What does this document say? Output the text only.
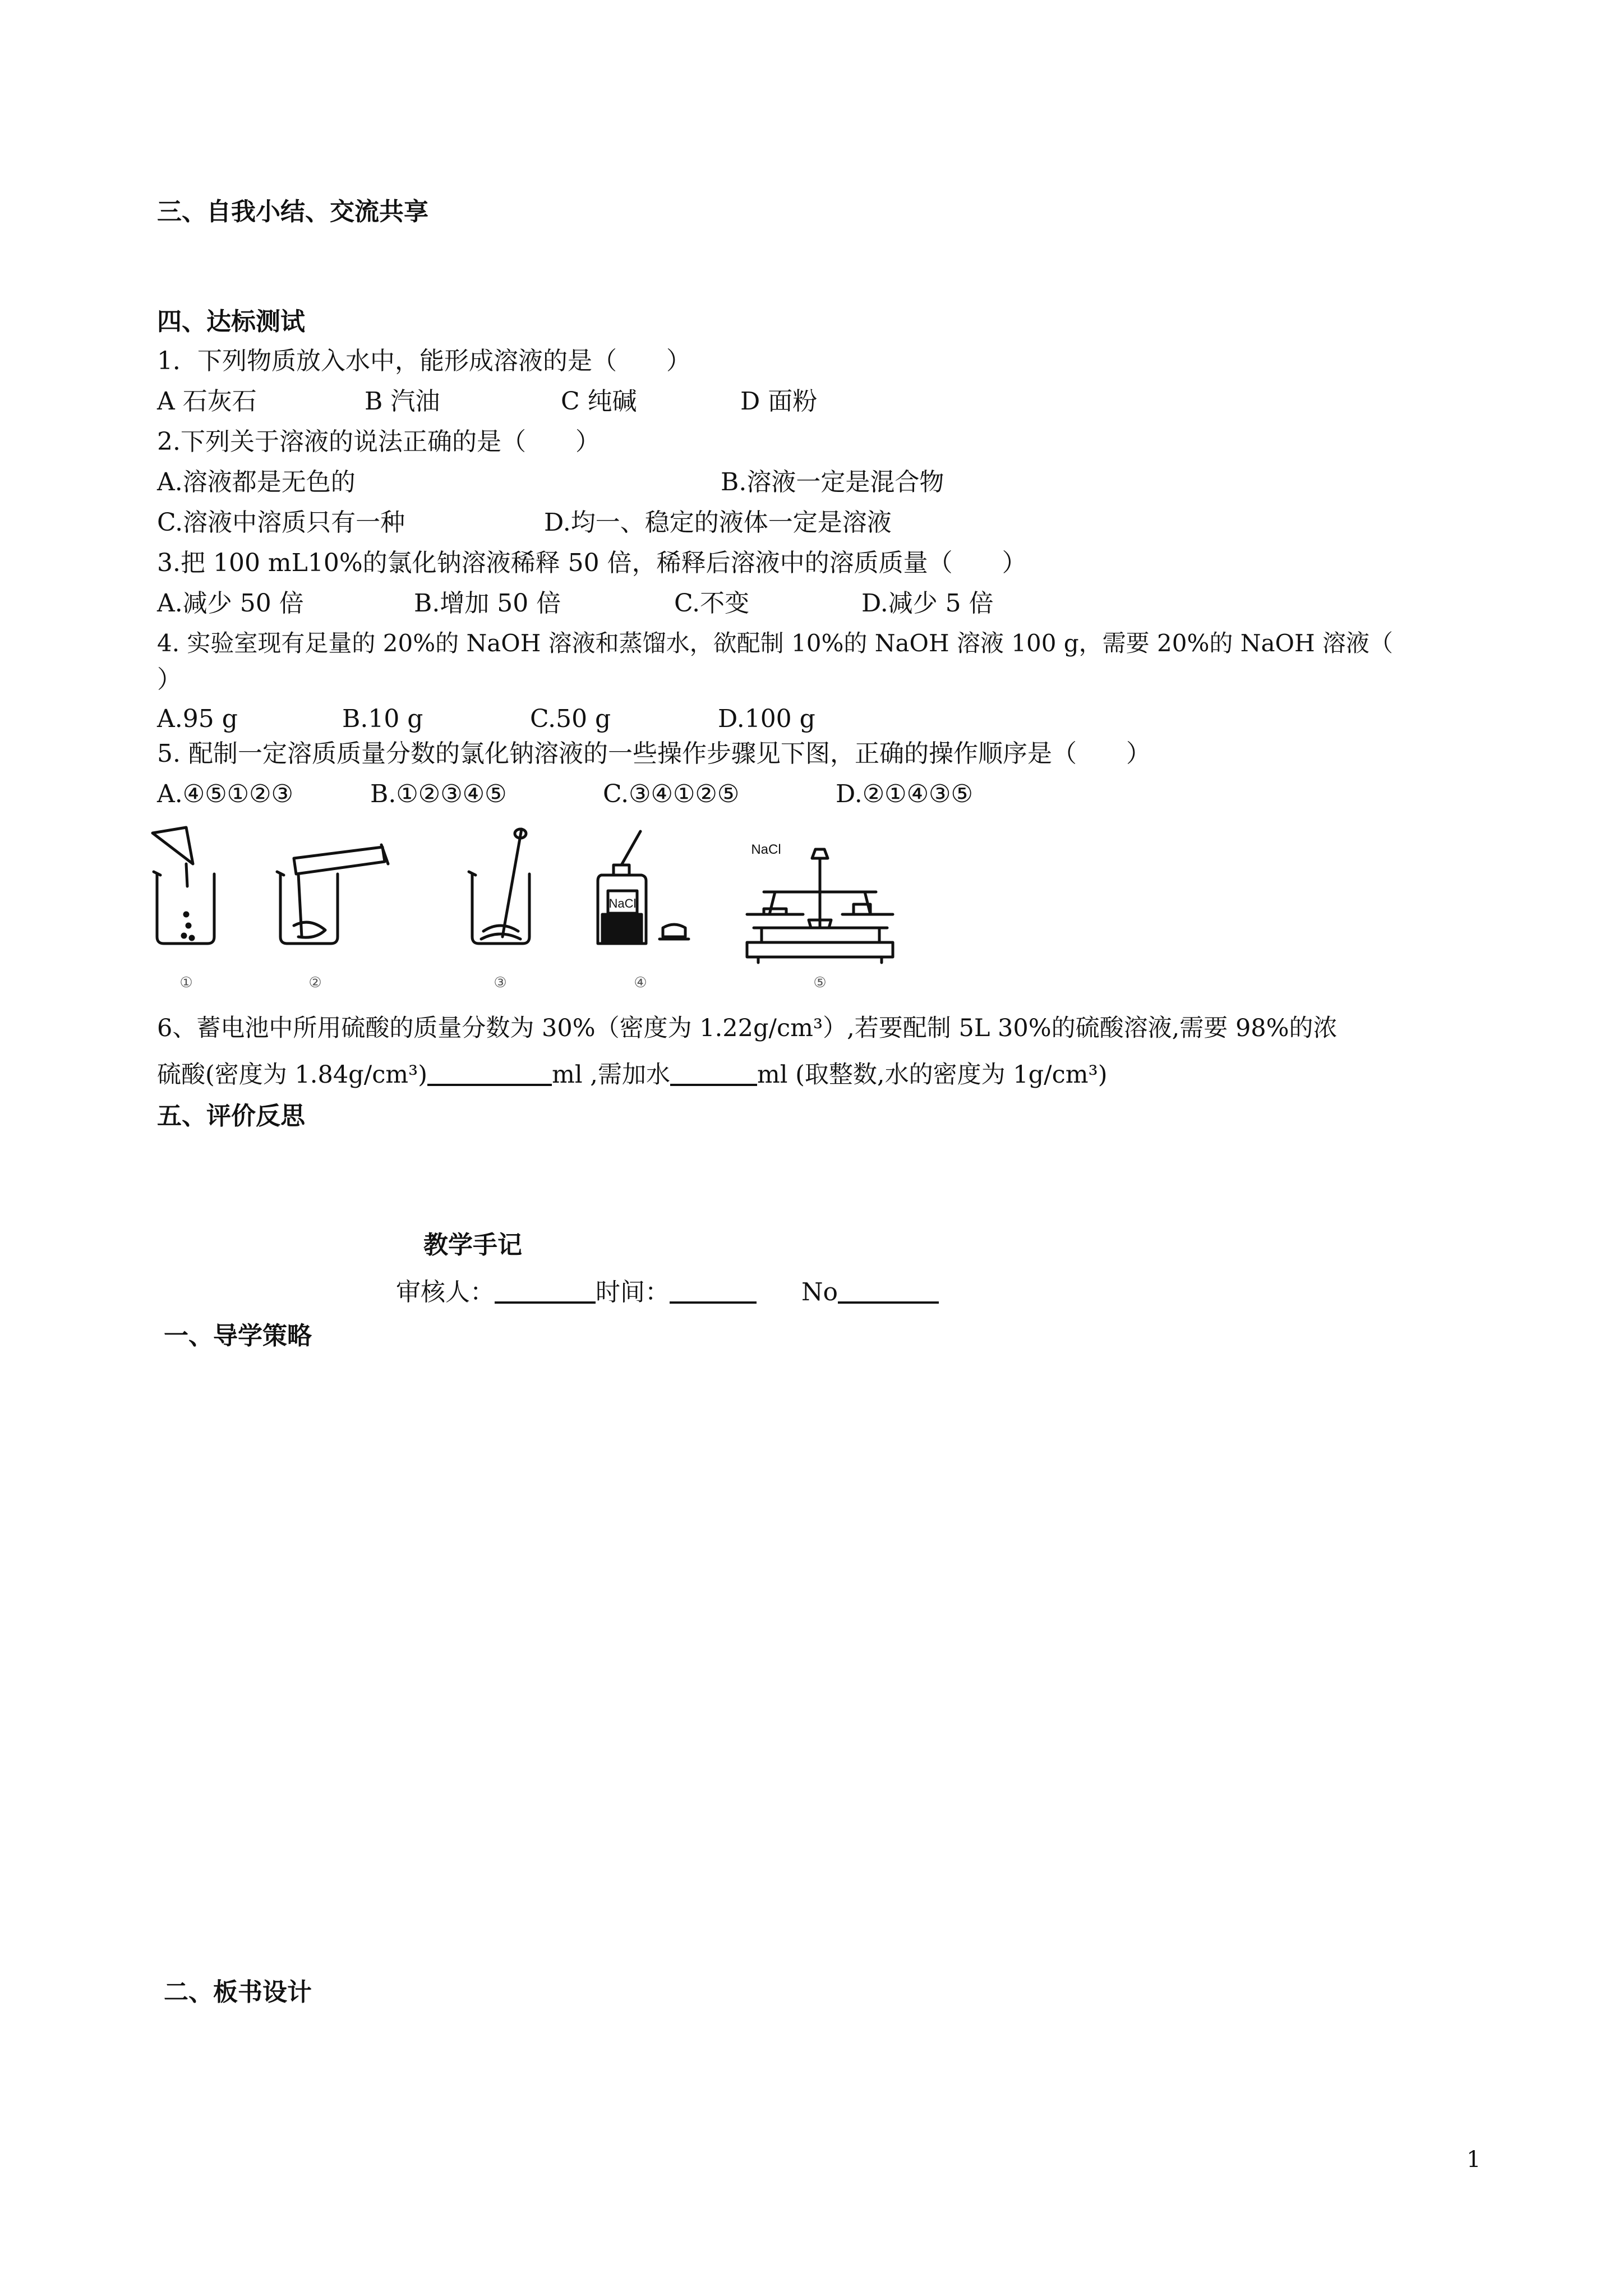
三、自我小结、交流共享
四、达标测试
1．下列物质放入水中，能形成溶液的是（　　）
A 石灰石	B 汽油	C 纯碱	D 面粉
2.下列关于溶液的说法正确的是（　　）
A.溶液都是无色的	B.溶液一定是混合物
C.溶液中溶质只有一种	D.均一、稳定的液体一定是溶液
3.把 100 mL10%的氯化钠溶液稀释 50 倍，稀释后溶液中的溶质质量（　　）
A.减少 50 倍	B.增加 50 倍	C.不变	D.减少 5 倍
4. 实验室现有足量的 20%的 NaOH 溶液和蒸馏水，欲配制 10%的 NaOH 溶液 100 g，需要 20%的 NaOH 溶液（
）
A.95 g	B.10 g	C.50 g	D.100 g
5. 配制一定溶质质量分数的氯化钠溶液的一些操作步骤见下图，正确的操作顺序是（　　）
A.④⑤①②③	B.①②③④⑤	C.③④①②⑤	D.②①④③⑤
NaCl
NaCl
①	②	③	④	⑤
6、蓄电池中所用硫酸的质量分数为 30%（密度为 1.22g/cm³）,若要配制 5L 30%的硫酸溶液,需要 98%的浓
硫酸(密度为 1.84g/cm³)	ml ,需加水	ml (取整数,水的密度为 1g/cm³)
五、评价反思
教学手记
审核人：	时间：	No
一、导学策略
二、板书设计
1
